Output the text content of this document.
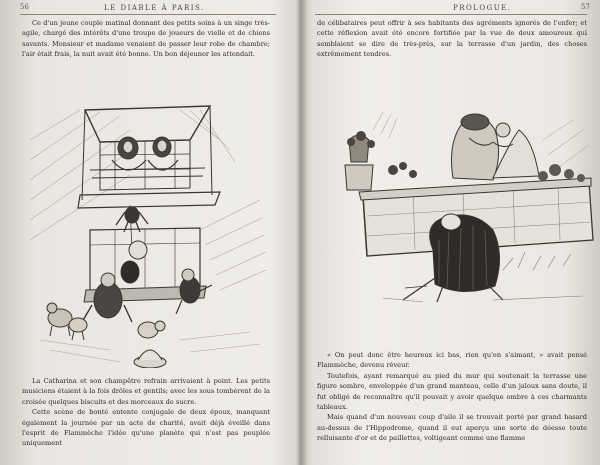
56	LE DIABLE À PARIS.

Ce d'un jeune couple matinal donnant des petits soins à un singe très-agile, chargé des intérêts d'une troupe de joueurs de vielle et de chiens savants. Monsieur et madame venaient de passer leur robe de chambre; l'air était frais, la nuit avait été bonne. Un bon déjeuner les attendait.

La Catharina et son champêtre refrain arrivaient à point. Les petits musiciens étaient à la fois drôles et gentils; avec les sous tombèrent de la croisée quelques biscuits et des morceaux de sucre.

Cette scène de bonté entente conjugale de deux époux, manquant également la journée par un acte de charité, avait déjà éveillé dans l'esprit de Flammèche l'idée qu'une planète qui n'est pas peuplée uniquement

PROLOGUE.	57

de célibataires peut offrir à ses habitants des agréments ignorés de l'enfer; et cette réflexion avait été encore fortifiée par la vue de deux amoureux qui semblaient se dire de très-près, sur la terrasse d'un jardin, des choses extrêmement tendres.

« On peut donc être heureux ici bas, rien qu'en s'aimant, » avait pensé Flammèche, devenu rêveur.

Toutefois, ayant remarqué au pied du mur qui soutenait la terrasse une figure sombre, enveloppée d'un grand manteau, celle d'un jaloux sans doute, il fut obligé de reconnaître qu'il pouvait y avoir quelque ombre à ces charmants tableaux.

Mais quand d'un nouveau coup d'aile il se trouvait porté par grand hasard au-dessus de l'Hippodrome, quand il eut aperçu une sorte de déesse toute relluisante d'or et de paillettes, voltigeant comme une flamme
